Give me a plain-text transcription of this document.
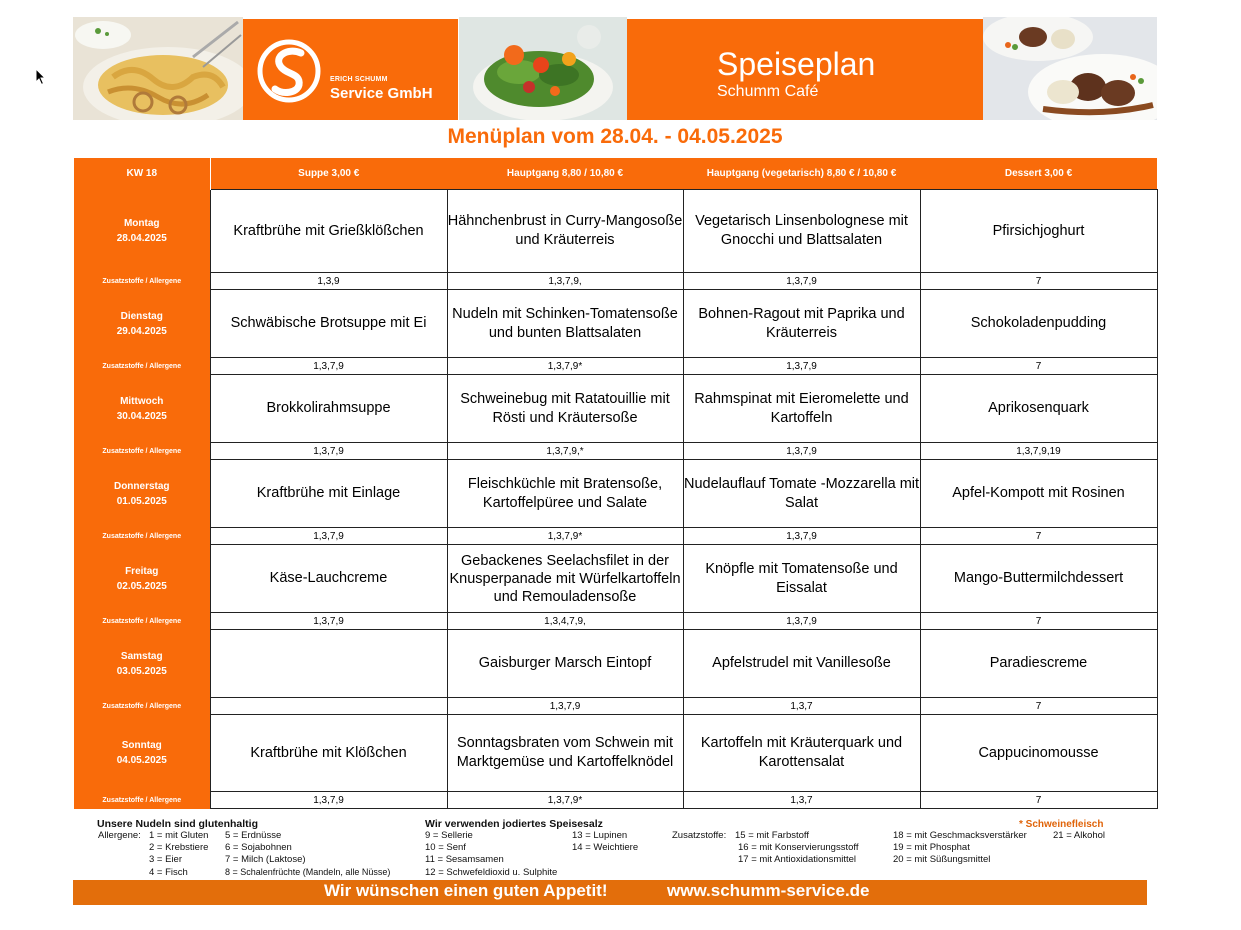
ERICH SCHUMM
Service GmbH
Speiseplan
Schumm Café
Menüplan vom 28.04. - 04.05.2025
KW 18	Suppe 3,00 €	Hauptgang 8,80 / 10,80 €	Hauptgang (vegetarisch) 8,80 € / 10,80 €	Dessert 3,00 €

Montag
28.04.2025	Kraftbrühe mit Grießklößchen	Hähnchenbrust in Curry-Mangosoße und Kräuterreis	Vegetarisch Linsenbolognese mit Gnocchi und Blattsalaten	Pfirsichjoghurt
Zusatzstoffe / Allergene	1,3,9	1,3,7,9,	1,3,7,9	7

Dienstag
29.04.2025	Schwäbische Brotsuppe mit Ei	Nudeln mit Schinken-Tomatensoße und bunten Blattsalaten	Bohnen-Ragout mit Paprika und Kräuterreis	Schokoladenpudding
Zusatzstoffe / Allergene	1,3,7,9	1,3,7,9*	1,3,7,9	7

Mittwoch
30.04.2025	Brokkolirahmsuppe	Schweinebug mit Ratatouillie mit Rösti und Kräutersoße	Rahmspinat mit Eieromelette und Kartoffeln	Aprikosenquark
Zusatzstoffe / Allergene	1,3,7,9	1,3,7,9,*	1,3,7,9	1,3,7,9,19

Donnerstag
01.05.2025	Kraftbrühe mit Einlage	Fleischküchle mit Bratensoße, Kartoffelpüree und Salate	Nudelauflauf Tomate -Mozzarella mit Salat	Apfel-Kompott mit Rosinen
Zusatzstoffe / Allergene	1,3,7,9	1,3,7,9*	1,3,7,9	7

Freitag
02.05.2025	Käse-Lauchcreme	Gebackenes Seelachsfilet in der Knusperpanade mit Würfelkartoffeln und Remouladensoße	Knöpfle mit Tomatensoße und Eissalat	Mango-Buttermilchdessert
Zusatzstoffe / Allergene	1,3,7,9	1,3,4,7,9,	1,3,7,9	7

Samstag
03.05.2025		Gaisburger Marsch Eintopf	Apfelstrudel mit Vanillesoße	Paradiescreme
Zusatzstoffe / Allergene		1,3,7,9	1,3,7	7

Sonntag
04.05.2025	Kraftbrühe mit Klößchen	Sonntagsbraten vom Schwein mit Marktgemüse und Kartoffelknödel	Kartoffeln mit Kräuterquark und Karottensalat	Cappucinomousse
Zusatzstoffe / Allergene	1,3,7,9	1,3,7,9*	1,3,7	7
Unsere Nudeln sind glutenhaltig	Wir verwenden jodiertes Speisesalz	* Schweinefleisch
Allergene: 1 = mit Gluten
2 = Krebstiere
3 = Eier
4 = Fisch
5 = Erdnüsse
6 = Sojabohnen
7 = Milch (Laktose)
8 = Schalenfrüchte (Mandeln, alle Nüsse)
9 = Sellerie
10 = Senf
11 = Sesamsamen
12 = Schwefeldioxid u. Sulphite
13 = Lupinen
14 = Weichtiere
Zusatzstoffe: 15 = mit Farbstoff
16 = mit Konservierungsstoff
17 = mit Antioxidationsmittel
18 = mit Geschmacksverstärker
19 = mit Phosphat
20 = mit Süßungsmittel
21 = Alkohol
Wir wünschen einen guten Appetit!	www.schumm-service.de
